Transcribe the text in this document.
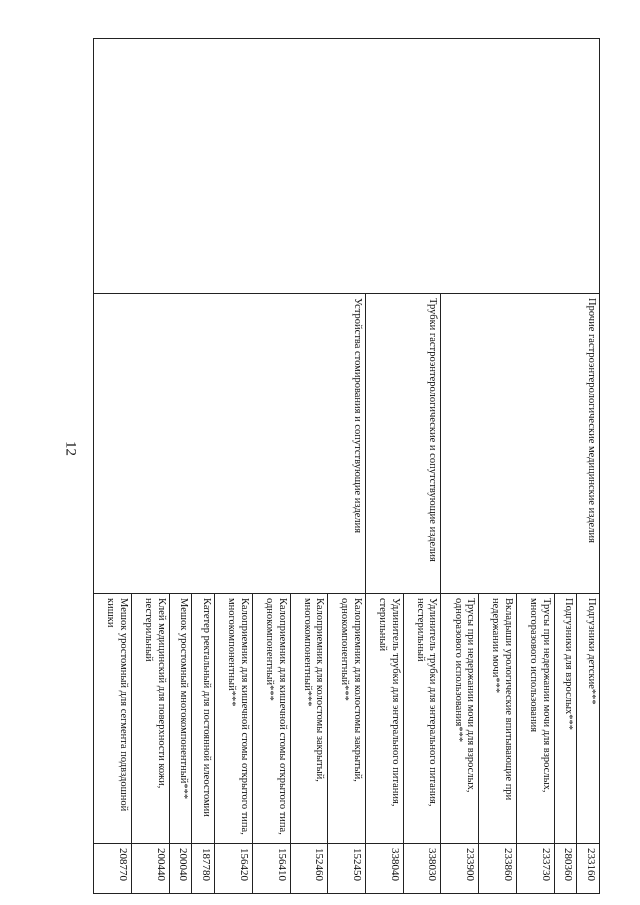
12
		Прочие гастроэнтерологические медицинские изделия	Подгузники детские***	233160
		Подгузники для взрослых***	280360
		Трусы при недержании мочи для взрослых, многоразового использования	233730
		Вкладыши урологические впитывающие при недержании мочи***	233860
		Трусы при недержании мочи для взрослых, одноразового использования***	233900
	Трубки гастроэнтерологические и сопутствующие изделия	Удлинитель трубки для энтерального питания, нестерильный	338030
		Удлинитель трубки для энтерального питания, стерильный	338040
	Устройства стомирования и сопутствующие изделия	Калоприемник для колостомы закрытый, однокомпонентный***	152450
		Калоприемник для колостомы закрытый, многокомпонентный***	152460
		Калоприемник для кишечной стомы открытого типа, однокомпонентный***	156410
		Калоприемник для кишечной стомы открытого типа, многокомпонентный***	156420
		Катетер ректальный для постоянной илеостомии	187780
		Мешок уростомный многокомпонентный***	200040
		Клей медицинский для поверхности кожи, нестерильный	200440
		Мешок уростомный для сегмента подвздошной кишки	208770
